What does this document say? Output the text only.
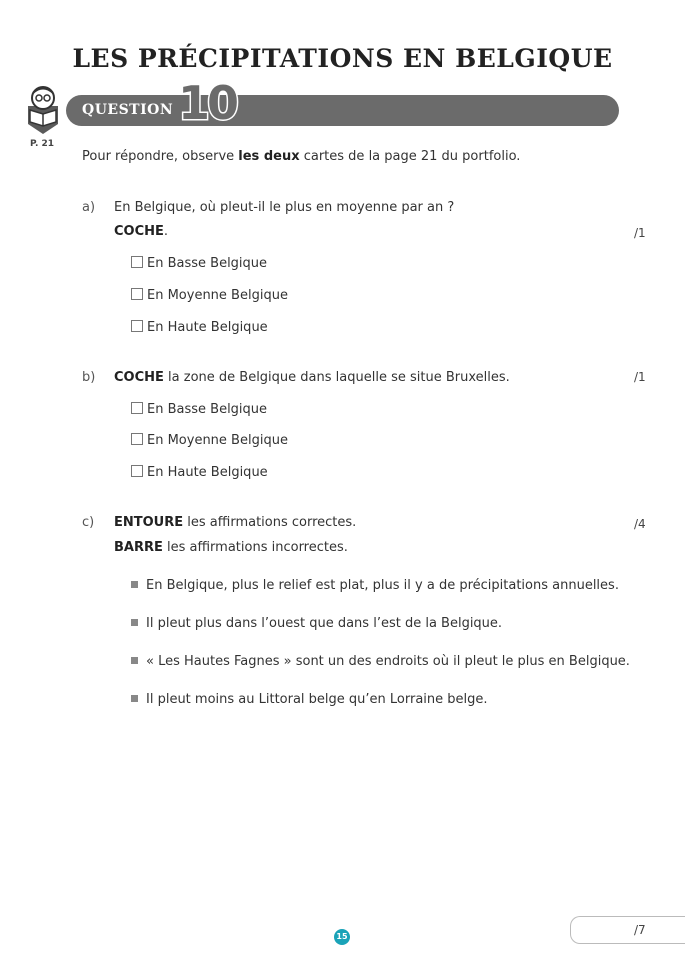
LES PRÉCIPITATIONS EN BELGIQUE
P. 21
QUESTION 10
Pour répondre, observe les deux cartes de la page 21 du portfolio.
a) En Belgique, où pleut-il le plus en moyenne par an ?
COCHE.	/1
En Basse Belgique
En Moyenne Belgique
En Haute Belgique
b) COCHE la zone de Belgique dans laquelle se situe Bruxelles.	/1
En Basse Belgique
En Moyenne Belgique
En Haute Belgique
c) ENTOURE les affirmations correctes.	/4
BARRE les affirmations incorrectes.
En Belgique, plus le relief est plat, plus il y a de précipitations annuelles.
Il pleut plus dans l’ouest que dans l’est de la Belgique.
« Les Hautes Fagnes » sont un des endroits où il pleut le plus en Belgique.
Il pleut moins au Littoral belge qu’en Lorraine belge.
/7
15
